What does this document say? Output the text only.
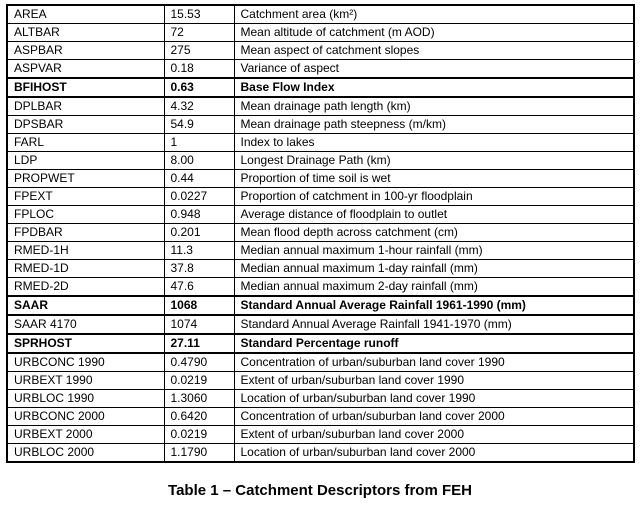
AREA	15.53	Catchment area (km²)
ALTBAR	72	Mean altitude of catchment (m AOD)
ASPBAR	275	Mean aspect of catchment slopes
ASPVAR	0.18	Variance of aspect
BFIHOST	0.63	Base Flow Index
DPLBAR	4.32	Mean drainage path length (km)
DPSBAR	54.9	Mean drainage path steepness (m/km)
FARL	1	Index to lakes
LDP	8.00	Longest Drainage Path (km)
PROPWET	0.44	Proportion of time soil is wet
FPEXT	0.0227	Proportion of catchment in 100-yr floodplain
FPLOC	0.948	Average distance of floodplain to outlet
FPDBAR	0.201	Mean flood depth across catchment (cm)
RMED-1H	11.3	Median annual maximum 1-hour rainfall (mm)
RMED-1D	37.8	Median annual maximum 1-day rainfall (mm)
RMED-2D	47.6	Median annual maximum 2-day rainfall (mm)
SAAR	1068	Standard Annual Average Rainfall 1961-1990 (mm)
SAAR 4170	1074	Standard Annual Average Rainfall 1941-1970 (mm)
SPRHOST	27.11	Standard Percentage runoff
URBCONC 1990	0.4790	Concentration of urban/suburban land cover 1990
URBEXT 1990	0.0219	Extent of urban/suburban land cover 1990
URBLOC 1990	1.3060	Location of urban/suburban land cover 1990
URBCONC 2000	0.6420	Concentration of urban/suburban land cover 2000
URBEXT 2000	0.0219	Extent of urban/suburban land cover 2000
URBLOC 2000	1.1790	Location of urban/suburban land cover 2000
Table 1 – Catchment Descriptors from FEH
